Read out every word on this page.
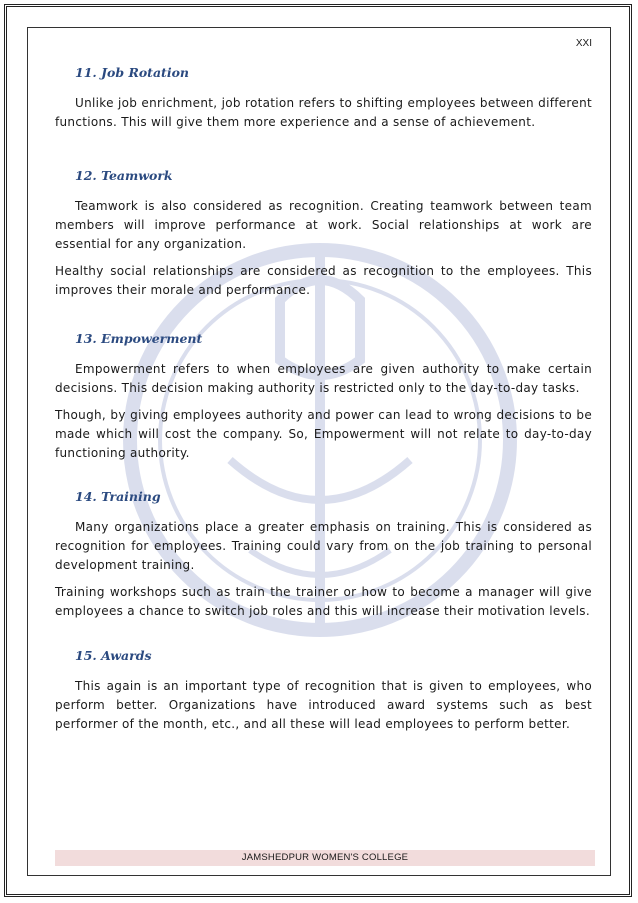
XXI
11. Job Rotation

Unlike job enrichment, job rotation refers to shifting employees between different functions. This will give them more experience and a sense of achievement.

12. Teamwork

Teamwork is also considered as recognition. Creating teamwork between team members will improve performance at work. Social relationships at work are essential for any organization.

Healthy social relationships are considered as recognition to the employees. This improves their morale and performance.

13. Empowerment

Empowerment refers to when employees are given authority to make certain decisions. This decision making authority is restricted only to the day-to-day tasks.

Though, by giving employees authority and power can lead to wrong decisions to be made which will cost the company. So, Empowerment will not relate to day-to-day functioning authority.

14. Training

Many organizations place a greater emphasis on training. This is considered as recognition for employees. Training could vary from on the job training to personal development training.

Training workshops such as train the trainer or how to become a manager will give employees a chance to switch job roles and this will increase their motivation levels.

15. Awards

This again is an important type of recognition that is given to employees, who perform better. Organizations have introduced award systems such as best performer of the month, etc., and all these will lead employees to perform better.

JAMSHEDPUR WOMEN'S COLLEGE
